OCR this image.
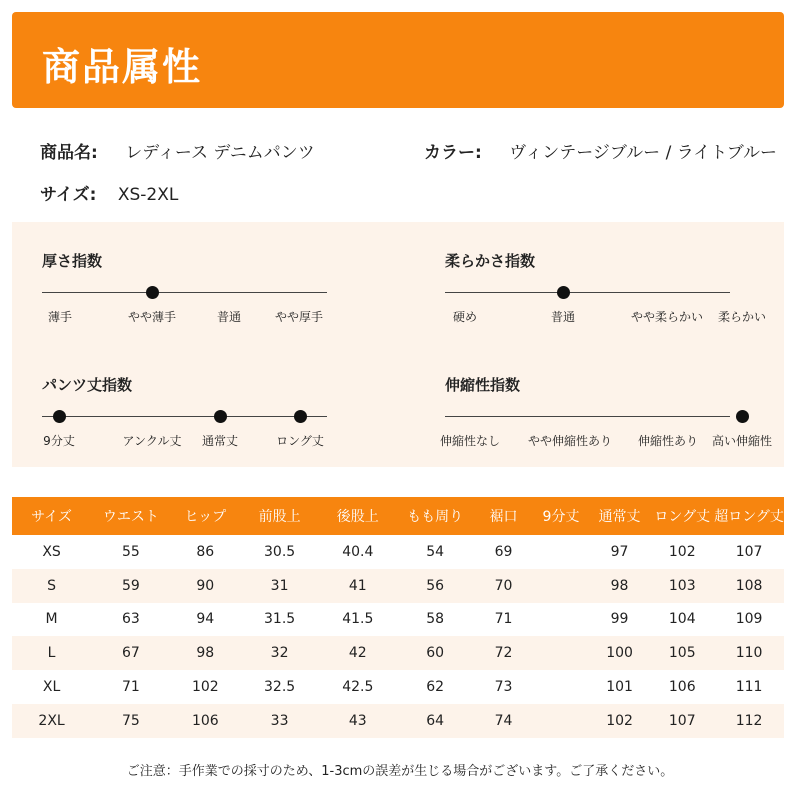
商品属性
商品名: レディース デニムパンツ	カラー: ヴィンテージブルー / ライトブルー
サイズ: XS-2XL
厚さ指数
薄手	やや薄手	普通	やや厚手
柔らかさ指数
硬め	普通	やや柔らかい 柔らかい
パンツ丈指数
9分丈	アンクル丈 通常丈	ロング丈
伸縮性指数
伸縮性なし やや伸縮性あり 伸縮性あり 高い伸縮性
サイズ	ウエスト	ヒップ	前股上	後股上	もも周り	裾口	9分丈	通常丈	ロング丈	超ロング丈
XS	55	86	30.5	40.4	54	69		97	102	107
S	59	90	31	41	56	70		98	103	108
M	63	94	31.5	41.5	58	71		99	104	109
L	67	98	32	42	60	72		100	105	110
XL	71	102	32.5	42.5	62	73		101	106	111
2XL	75	106	33	43	64	74		102	107	112
ご注意：手作業での採寸のため、1-3cmの誤差が生じる場合がございます。ご了承ください。
